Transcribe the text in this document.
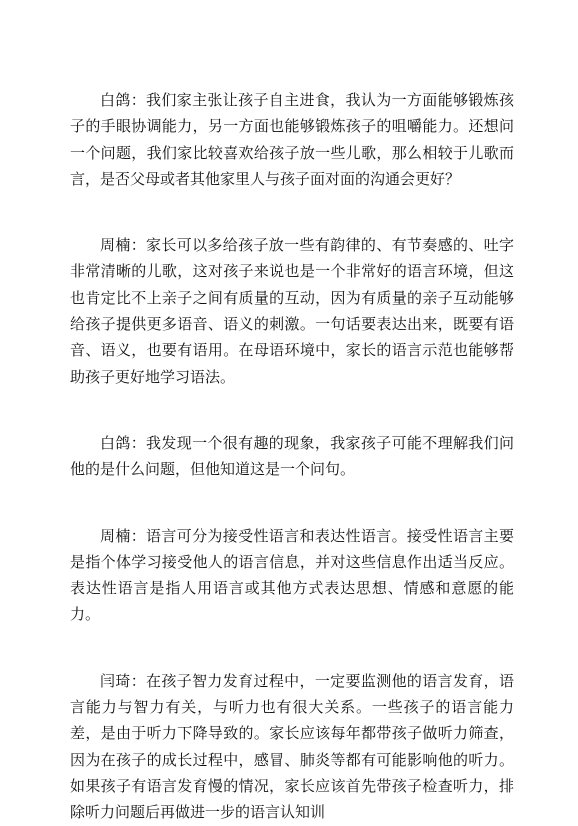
白鸽：我们家主张让孩子自主进食，我认为一方面能够锻炼孩子的手眼协调能力，另一方面也能够锻炼孩子的咀嚼能力。还想问一个问题，我们家比较喜欢给孩子放一些儿歌，那么相较于儿歌而言，是否父母或者其他家里人与孩子面对面的沟通会更好？

周楠：家长可以多给孩子放一些有韵律的、有节奏感的、吐字非常清晰的儿歌，这对孩子来说也是一个非常好的语言环境，但这也肯定比不上亲子之间有质量的互动，因为有质量的亲子互动能够给孩子提供更多语音、语义的刺激。一句话要表达出来，既要有语音、语义，也要有语用。在母语环境中，家长的语言示范也能够帮助孩子更好地学习语法。

白鸽：我发现一个很有趣的现象，我家孩子可能不理解我们问他的是什么问题，但他知道这是一个问句。

周楠：语言可分为接受性语言和表达性语言。接受性语言主要是指个体学习接受他人的语言信息，并对这些信息作出适当反应。表达性语言是指人用语言或其他方式表达思想、情感和意愿的能力。

闫琦：在孩子智力发育过程中，一定要监测他的语言发育，语言能力与智力有关，与听力也有很大关系。一些孩子的语言能力差，是由于听力下降导致的。家长应该每年都带孩子做听力筛查，因为在孩子的成长过程中，感冒、肺炎等都有可能影响他的听力。如果孩子有语言发育慢的情况，家长应该首先带孩子检查听力，排除听力问题后再做进一步的语言认知训
